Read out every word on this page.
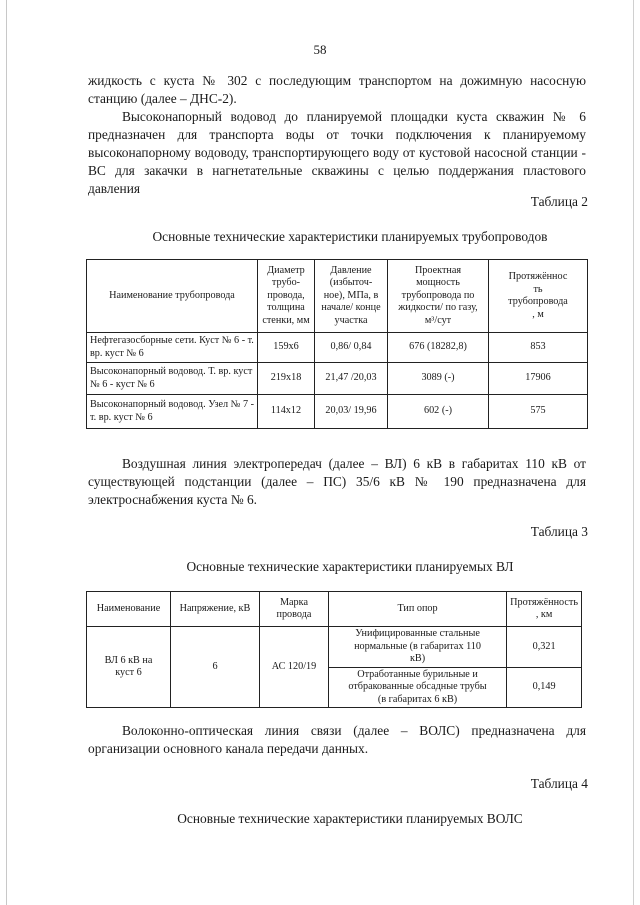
58

жидкость с куста № 302 с последующим транспортом на дожимную насосную станцию (далее – ДНС-2).

Высоконапорный водовод до планируемой площадки куста скважин № 6 предназначен для транспорта воды от точки подключения к планируемому высоконапорному водоводу, транспортирующего воду от кустовой насосной станции - ВС для закачки в нагнетательные скважины с целью поддержания пластового давления

Таблица 2
Основные технические характеристики планируемых трубопроводов
Наименование трубопровода	Диаметр
трубо-
провода,
толщина
стенки, мм	Давление
(избыточ-
ное), МПа, в
начале/ конце
участка	Проектная
мощность
трубопровода по
жидкости/ по газу,
м³/сут	Протяжённос
ть
трубопровода
, м
Нефтегазосборные сети. Куст № 6 - т. вр. куст № 6	159х6	0,86/ 0,84	676 (18282,8)	853
Высоконапорный водовод. Т. вр. куст № 6 - куст № 6	219х18	21,47 /20,03	3089 (-)	17906
Высоконапорный водовод. Узел № 7 - т. вр. куст № 6	114х12	20,03/ 19,96	602 (-)	575

Воздушная линия электропередач (далее – ВЛ) 6 кВ в габаритах 110 кВ от существующей подстанции (далее – ПС) 35/6 кВ № 190 предназначена для электроснабжения куста № 6.

Таблица 3
Основные технические характеристики планируемых ВЛ
Наименование	Напряжение, кВ	Марка
провода	Тип опор	Протяжённость
, км
ВЛ 6 кВ на
куст 6	6	АС 120/19	Унифицированные стальные
нормальные (в габаритах 110
кВ)	0,321
			Отработанные бурильные и
отбракованные обсадные трубы
(в габаритах 6 кВ)	0,149

Волоконно-оптическая линия связи (далее – ВОЛС) предназначена для организации основного канала передачи данных.

Таблица 4
Основные технические характеристики планируемых ВОЛС
